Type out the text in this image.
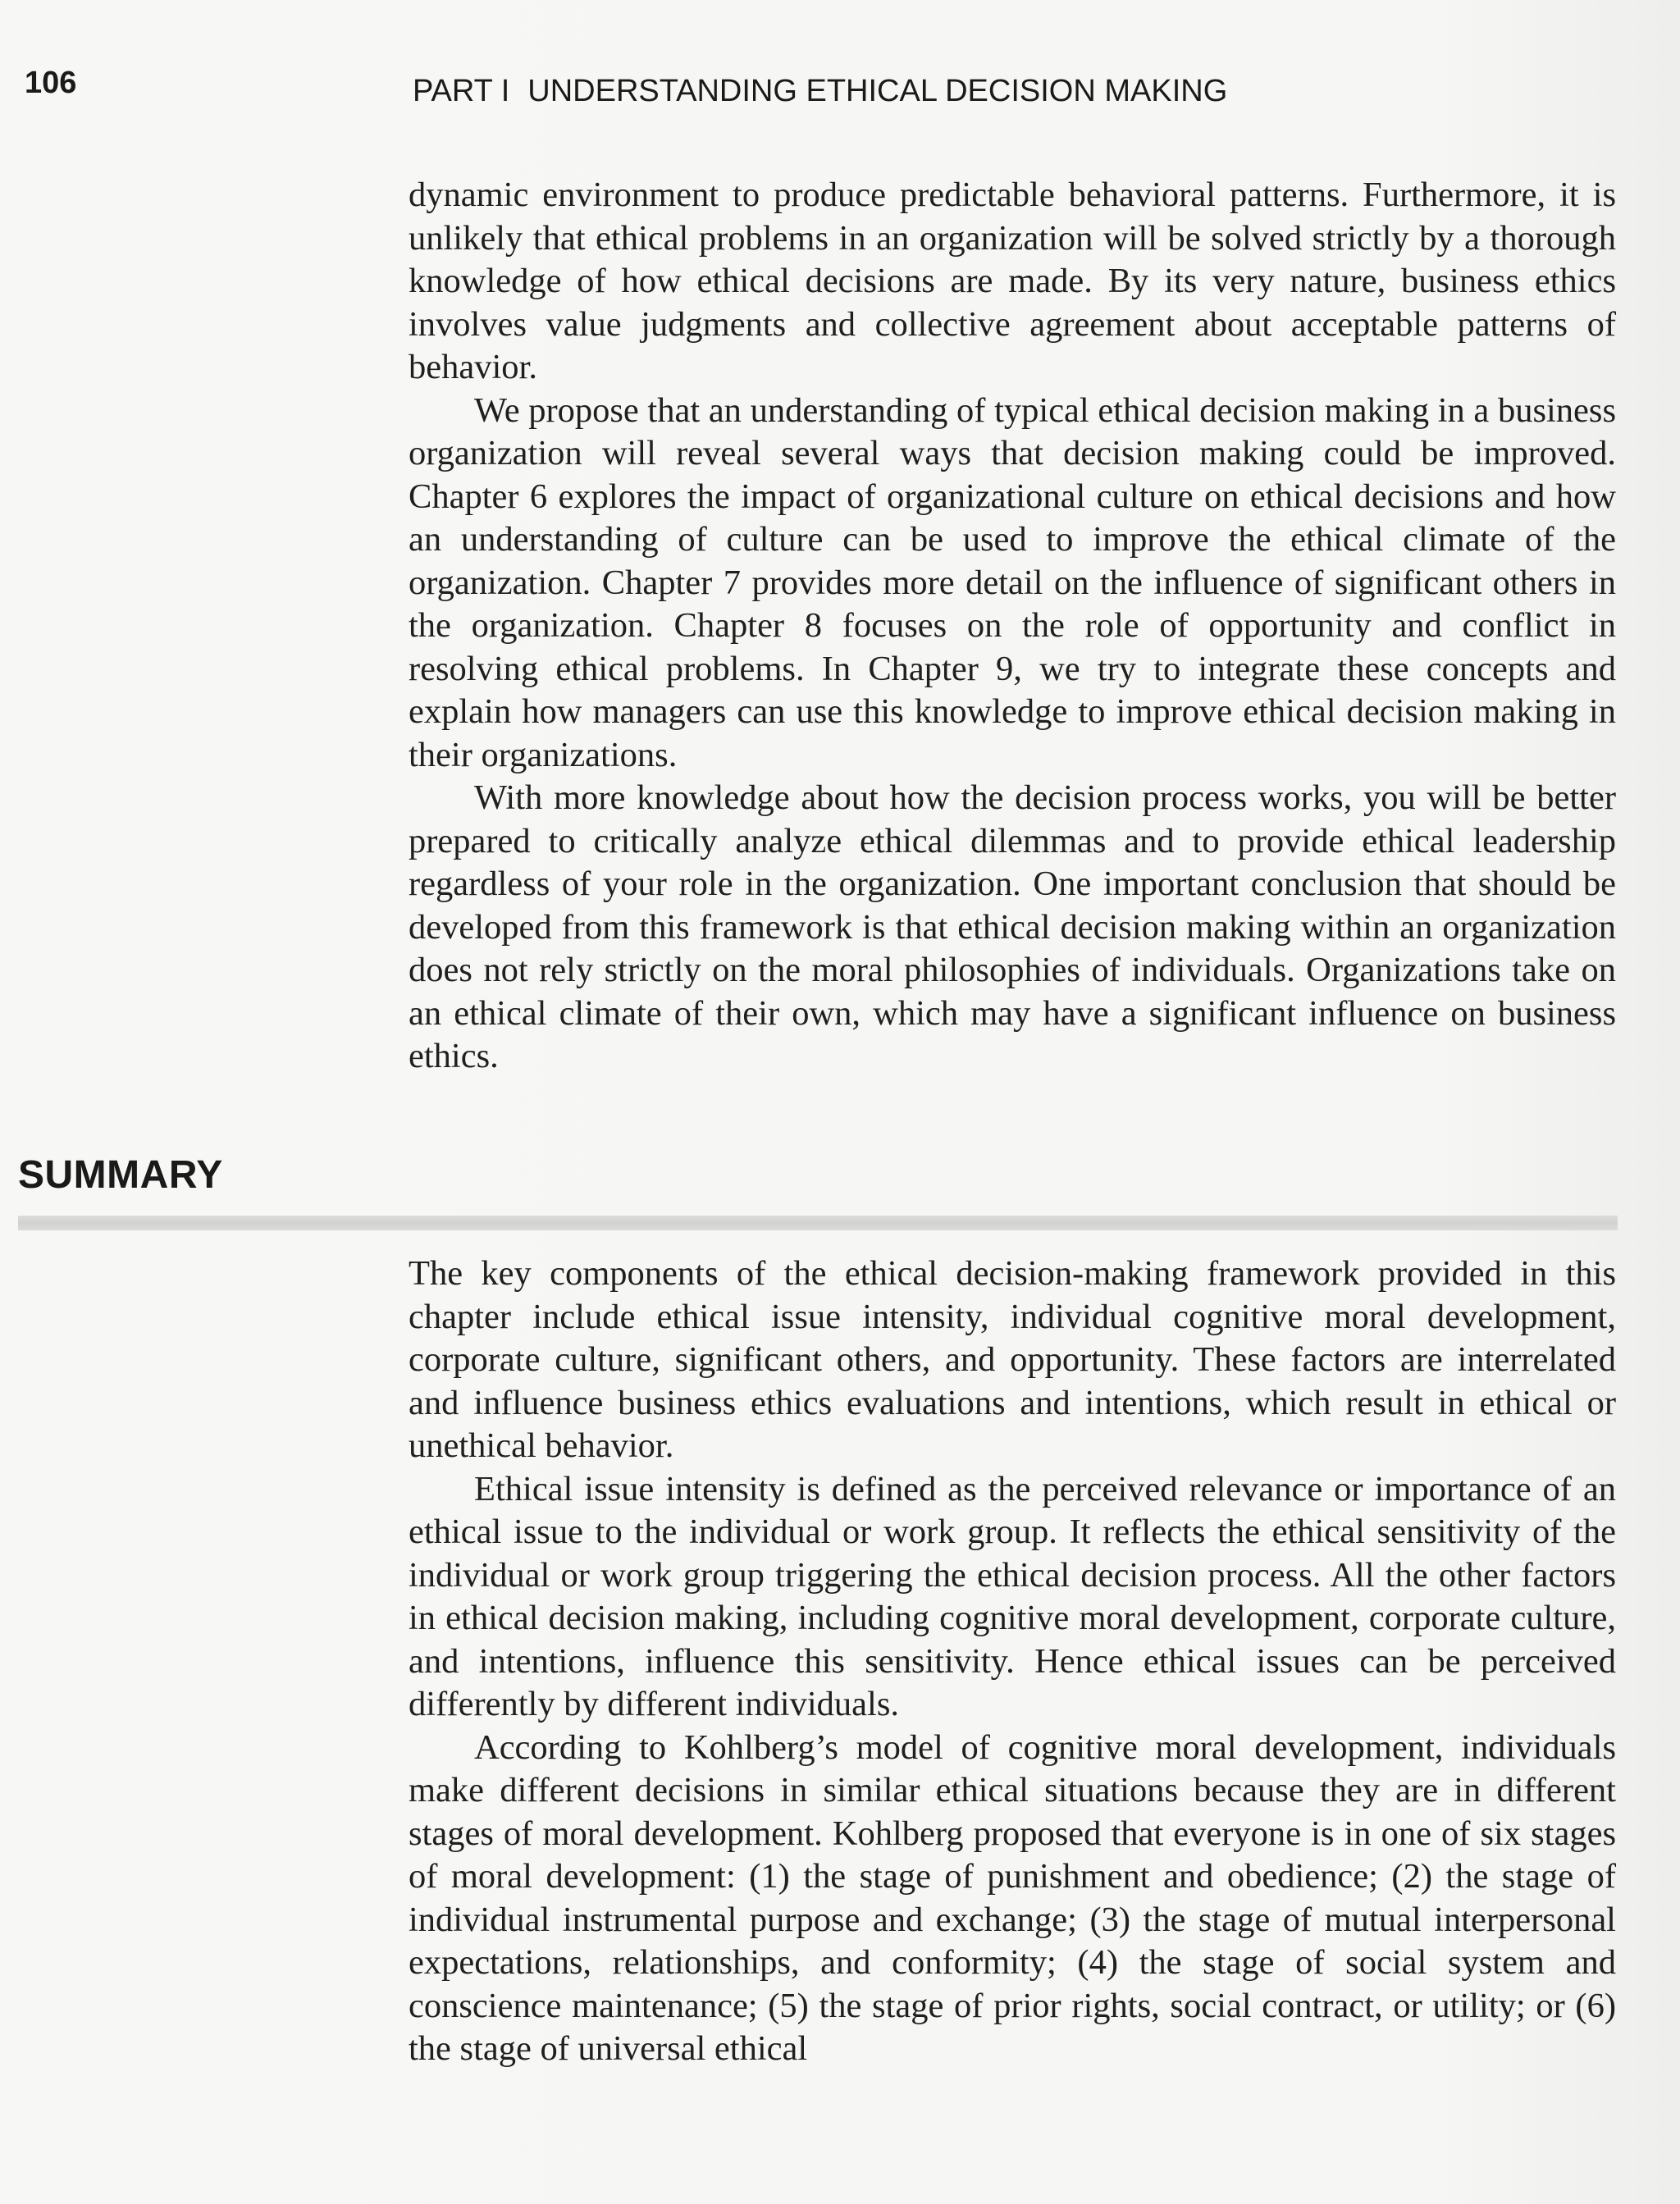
106	PART I UNDERSTANDING ETHICAL DECISION MAKING

dynamic environment to produce predictable behavioral patterns. Furthermore, it is unlikely that ethical problems in an organization will be solved strictly by a thorough knowledge of how ethical decisions are made. By its very nature, business ethics involves value judgments and collective agreement about acceptable patterns of behavior.

We propose that an understanding of typical ethical decision making in a business organization will reveal several ways that decision making could be improved. Chapter 6 explores the impact of organizational culture on ethical decisions and how an understanding of culture can be used to improve the ethical climate of the organization. Chapter 7 provides more detail on the influence of significant others in the organization. Chapter 8 focuses on the role of opportunity and conflict in resolving ethical problems. In Chapter 9, we try to integrate these concepts and explain how managers can use this knowledge to improve ethical decision making in their organizations.

With more knowledge about how the decision process works, you will be better prepared to critically analyze ethical dilemmas and to provide ethical leadership regardless of your role in the organization. One important conclusion that should be developed from this framework is that ethical decision making within an organization does not rely strictly on the moral philosophies of individuals. Organizations take on an ethical climate of their own, which may have a significant influence on business ethics.

SUMMARY

The key components of the ethical decision-making framework provided in this chapter include ethical issue intensity, individual cognitive moral development, corporate culture, significant others, and opportunity. These factors are interrelated and influence business ethics evaluations and intentions, which result in ethical or unethical behavior.

Ethical issue intensity is defined as the perceived relevance or importance of an ethical issue to the individual or work group. It reflects the ethical sensitivity of the individual or work group triggering the ethical decision process. All the other factors in ethical decision making, including cognitive moral development, corporate culture, and intentions, influence this sensitivity. Hence ethical issues can be perceived differently by different individuals.

According to Kohlberg’s model of cognitive moral development, individuals make different decisions in similar ethical situations because they are in different stages of moral development. Kohlberg proposed that everyone is in one of six stages of moral development: (1) the stage of punishment and obedience; (2) the stage of individual instrumental purpose and exchange; (3) the stage of mutual interpersonal expectations, relationships, and conformity; (4) the stage of social system and conscience maintenance; (5) the stage of prior rights, social contract, or utility; or (6) the stage of universal ethical
